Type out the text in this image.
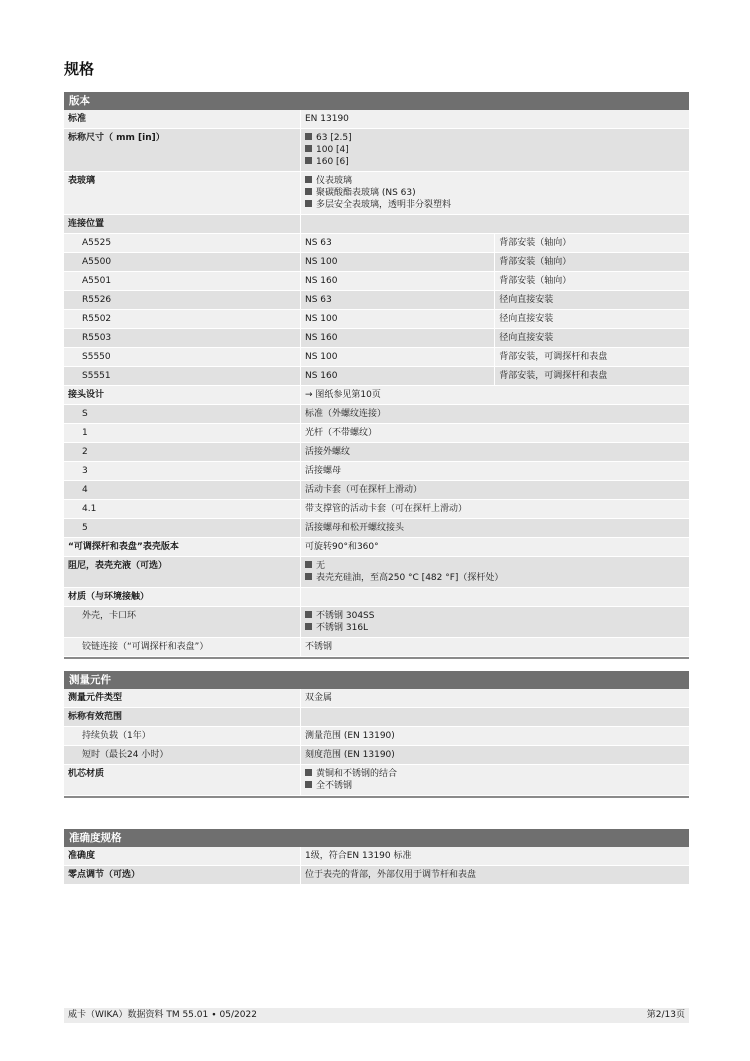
规格
版本
标准	EN 13190	
标称尺寸（ mm [in]）	63 [2.5]
100 [4]
160 [6]	

表玻璃	仪表玻璃
聚碳酸酯表玻璃 (NS 63)
多层安全表玻璃，透明非分裂塑料	

连接位置		
A5525	NS 63	背部安装（轴向）
A5500	NS 100	背部安装（轴向）
A5501	NS 160	背部安装（轴向）
R5526	NS 63	径向直接安装
R5502	NS 100	径向直接安装
R5503	NS 160	径向直接安装
S5550	NS 100	背部安装，可调探杆和表盘
S5551	NS 160	背部安装，可调探杆和表盘
接头设计	→ 图纸参见第10页	
S	标准（外螺纹连接）	
1	光杆（不带螺纹）	
2	活接外螺纹	
3	活接螺母	
4	活动卡套（可在探杆上滑动）	
4.1	带支撑管的活动卡套（可在探杆上滑动）	
5	活接螺母和松开螺纹接头	
“可调探杆和表盘”表壳版本	可旋转90°和360°	
阻尼，表壳充液（可选）	无
表壳充硅油，至高250 °C [482 °F]（探杆处）	

材质（与环境接触）		
外壳，卡口环	不锈钢 304SS
不锈钢 316L	

铰链连接（“可调探杆和表盘”）	不锈钢	
测量元件
测量元件类型	双金属
标称有效范围	
持续负载（1年）	测量范围 (EN 13190)
短时（最长24 小时）	刻度范围 (EN 13190)
机芯材质	黄铜和不锈钢的结合
全不锈钢
准确度规格
准确度	1级，符合EN 13190 标准
零点调节（可选）	位于表壳的背部，外部仅用于调节杆和表盘
威卡（WIKA）数据资料 TM 55.01 ∙ 05/2022	第2/13页
